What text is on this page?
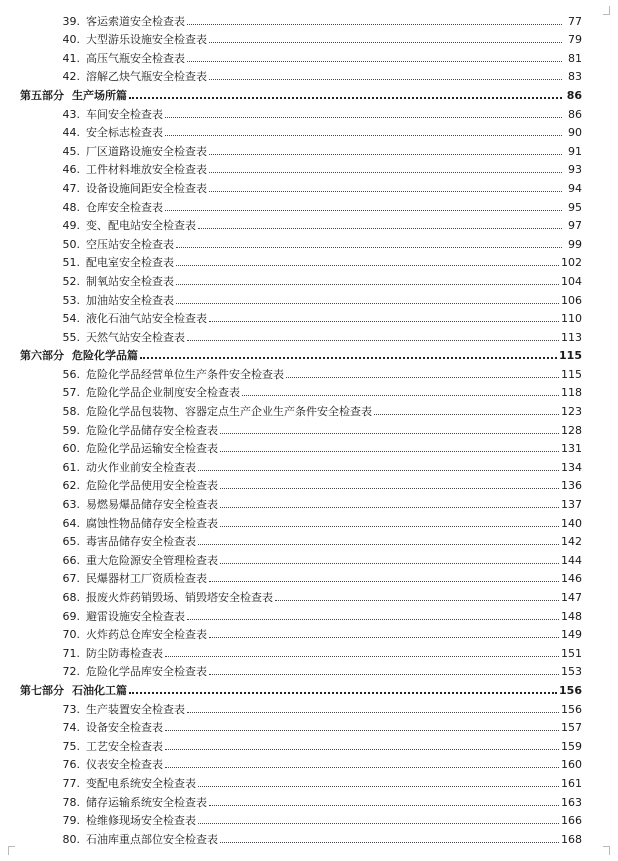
39. 客运索道安全检查表	77
40. 大型游乐设施安全检查表	79
41. 高压气瓶安全检查表	81
42. 溶解乙炔气瓶安全检查表	83
第五部分 生产场所篇	86
43. 车间安全检查表	86
44. 安全标志检查表	90
45. 厂区道路设施安全检查表	91
46. 工件材料堆放安全检查表	93
47. 设备设施间距安全检查表	94
48. 仓库安全检查表	95
49. 变、配电站安全检查表	97
50. 空压站安全检查表	99
51. 配电室安全检查表	102
52. 制氧站安全检查表	104
53. 加油站安全检查表	106
54. 液化石油气站安全检查表	110
55. 天然气站安全检查表	113
第六部分 危险化学品篇	115
56. 危险化学品经营单位生产条件安全检查表	115
57. 危险化学品企业制度安全检查表	118
58. 危险化学品包装物、容器定点生产企业生产条件安全检查表	123
59. 危险化学品储存安全检查表	128
60. 危险化学品运输安全检查表	131
61. 动火作业前安全检查表	134
62. 危险化学品使用安全检查表	136
63. 易燃易爆品储存安全检查表	137
64. 腐蚀性物品储存安全检查表	140
65. 毒害品储存安全检查表	142
66. 重大危险源安全管理检查表	144
67. 民爆器材工厂资质检查表	146
68. 报废火炸药销毁场、销毁塔安全检查表	147
69. 避雷设施安全检查表	148
70. 火炸药总仓库安全检查表	149
71. 防尘防毒检查表	151
72. 危险化学品库安全检查表	153
第七部分 石油化工篇	156
73. 生产装置安全检查表	156
74. 设备安全检查表	157
75. 工艺安全检查表	159
76. 仪表安全检查表	160
77. 变配电系统安全检查表	161
78. 储存运输系统安全检查表	163
79. 检维修现场安全检查表	166
80. 石油库重点部位安全检查表	168
